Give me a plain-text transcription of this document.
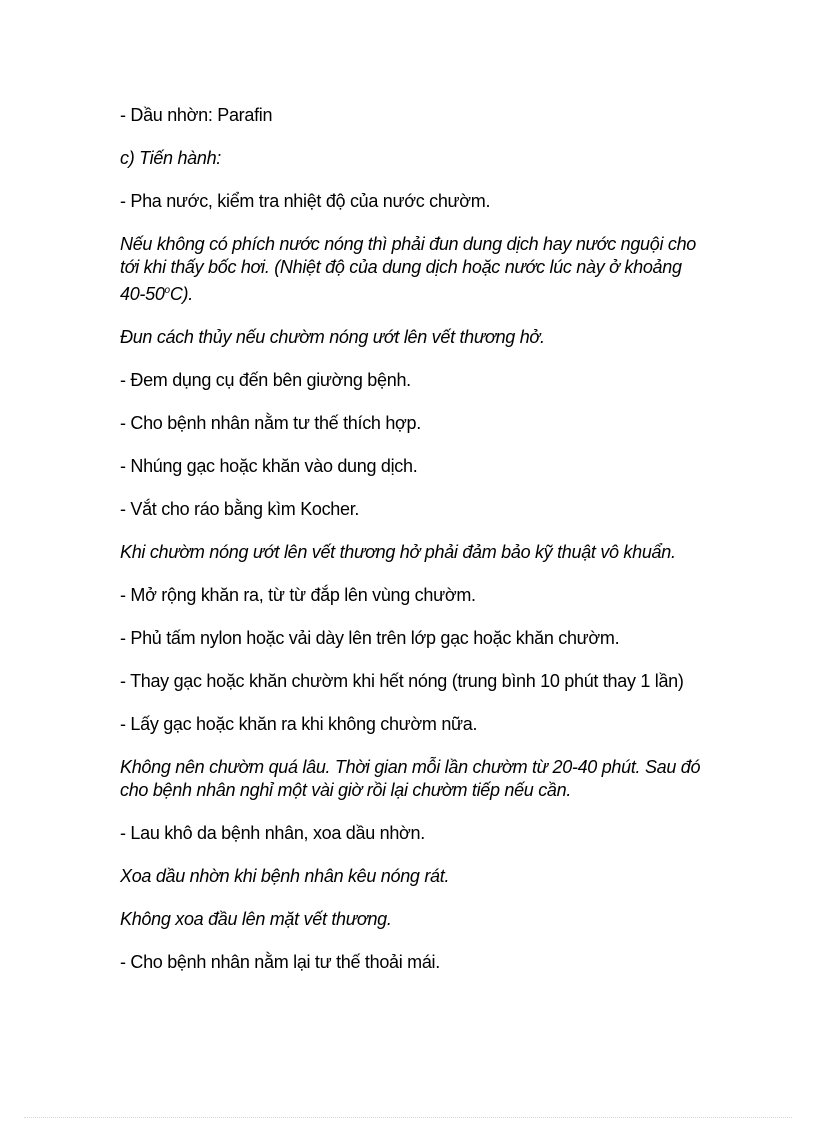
- Dầu nhờn: Parafin

c) Tiến hành:

- Pha nước, kiểm tra nhiệt độ của nước chườm.

Nếu không có phích nước nóng thì phải đun dung dịch hay nước nguội cho tới khi thấy bốc hơi. (Nhiệt độ của dung dịch hoặc nước lúc này ở khoảng 40-50$^o$C).

Đun cách thủy nếu chườm nóng ướt lên vết thương hở.

- Đem dụng cụ đến bên giường bệnh.

- Cho bệnh nhân nằm tư thế thích hợp.

- Nhúng gạc hoặc khăn vào dung dịch.

- Vắt cho ráo bằng kìm Kocher.

Khi chườm nóng ướt lên vết thương hở phải đảm bảo kỹ thuật vô khuẩn.

- Mở rộng khăn ra, từ từ đắp lên vùng chườm.

- Phủ tấm nylon hoặc vải dày lên trên lớp gạc hoặc khăn chườm.

- Thay gạc hoặc khăn chườm khi hết nóng (trung bình 10 phút thay 1 lần)

- Lấy gạc hoặc khăn ra khi không chườm nữa.

Không nên chườm quá lâu. Thời gian mỗi lần chườm từ 20-40 phút. Sau đó cho bệnh nhân nghỉ một vài giờ rồi lại chườm tiếp nếu cần.

- Lau khô da bệnh nhân, xoa dầu nhờn.

Xoa dầu nhờn khi bệnh nhân kêu nóng rát.

Không xoa đầu lên mặt vết thương.

- Cho bệnh nhân nằm lại tư thế thoải mái.
